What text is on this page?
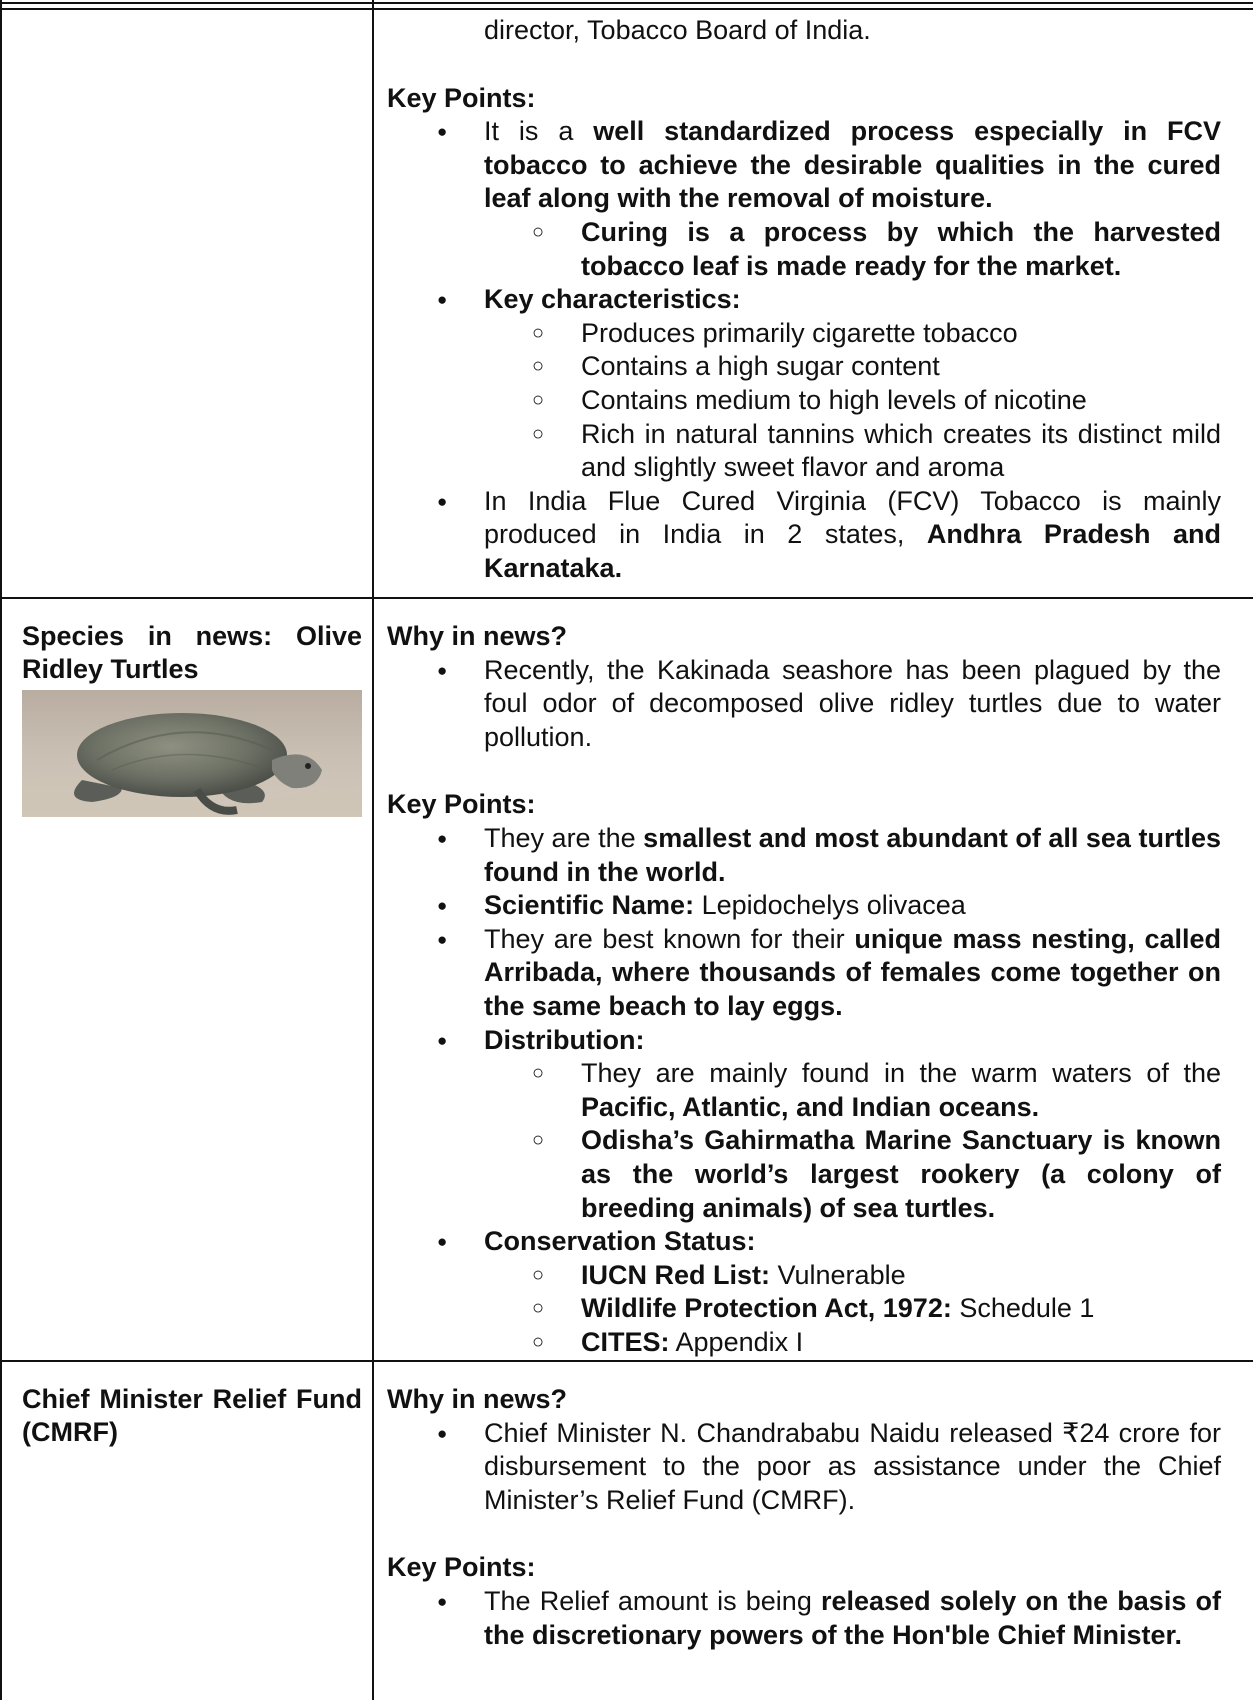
director, Tobacco Board of India.

Key Points:

● It is a well standardized process especially in FCV tobacco to achieve the desirable qualities in the cured leaf along with the removal of moisture.
○ Curing is a process by which the harvested tobacco leaf is made ready for the market.
● Key characteristics:
○ Produces primarily cigarette tobacco
○ Contains a high sugar content
○ Contains medium to high levels of nicotine
○ Rich in natural tannins which creates its distinct mild and slightly sweet flavor and aroma
● In India Flue Cured Virginia (FCV) Tobacco is mainly produced in India in 2 states, Andhra Pradesh and Karnataka.

Species in news: Olive Ridley Turtles

Why in news?

● Recently, the Kakinada seashore has been plagued by the foul odor of decomposed olive ridley turtles due to water pollution.

Key Points:

● They are the smallest and most abundant of all sea turtles found in the world.
● Scientific Name: Lepidochelys olivacea
● They are best known for their unique mass nesting, called Arribada, where thousands of females come together on the same beach to lay eggs.
● Distribution:
○ They are mainly found in the warm waters of the Pacific, Atlantic, and Indian oceans.
○ Odisha’s Gahirmatha Marine Sanctuary is known as the world’s largest rookery (a colony of breeding animals) of sea turtles.
● Conservation Status:
○ IUCN Red List: Vulnerable
○ Wildlife Protection Act, 1972: Schedule 1
○ CITES: Appendix I

Chief Minister Relief Fund (CMRF)

Why in news?

● Chief Minister N. Chandrababu Naidu released ₹24 crore for disbursement to the poor as assistance under the Chief Minister’s Relief Fund (CMRF).

Key Points:

● The Relief amount is being released solely on the basis of the discretionary powers of the Hon'ble Chief Minister.
